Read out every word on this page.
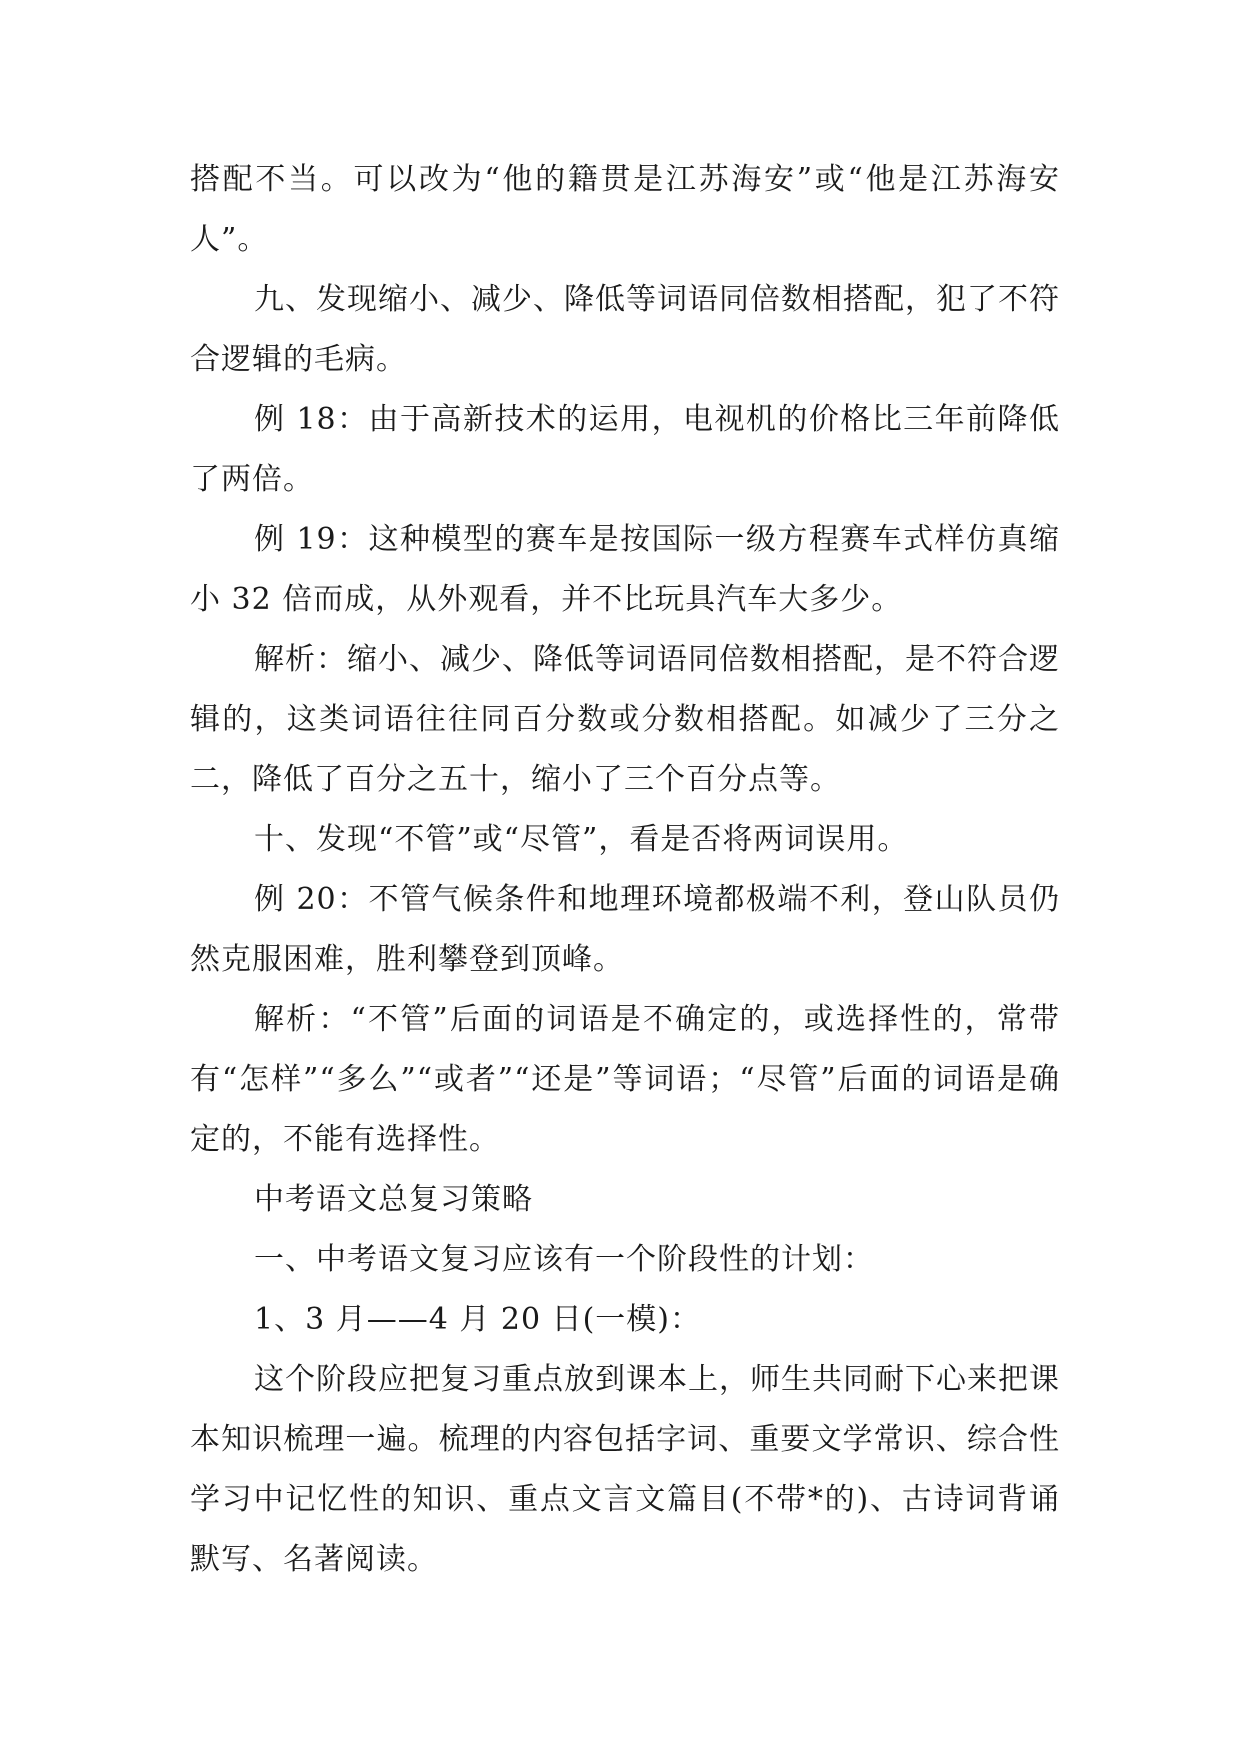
搭配不当。可以改为“他的籍贯是江苏海安”或“他是江苏海安人”。

九、发现缩小、减少、降低等词语同倍数相搭配，犯了不符合逻辑的毛病。

例 18：由于高新技术的运用，电视机的价格比三年前降低了两倍。

例 19：这种模型的赛车是按国际一级方程赛车式样仿真缩小 32 倍而成，从外观看，并不比玩具汽车大多少。

解析：缩小、减少、降低等词语同倍数相搭配，是不符合逻辑的，这类词语往往同百分数或分数相搭配。如减少了三分之二，降低了百分之五十，缩小了三个百分点等。

十、发现“不管”或“尽管”，看是否将两词误用。

例 20：不管气候条件和地理环境都极端不利，登山队员仍然克服困难，胜利攀登到顶峰。

解析：“不管”后面的词语是不确定的，或选择性的，常带有“怎样”“多么”“或者”“还是”等词语；“尽管”后面的词语是确定的，不能有选择性。

中考语文总复习策略

一、中考语文复习应该有一个阶段性的计划：

1、3 月——4 月 20 日(一模)：

这个阶段应把复习重点放到课本上，师生共同耐下心来把课本知识梳理一遍。梳理的内容包括字词、重要文学常识、综合性学习中记忆性的知识、重点文言文篇目(不带*的)、古诗词背诵默写、名著阅读。
